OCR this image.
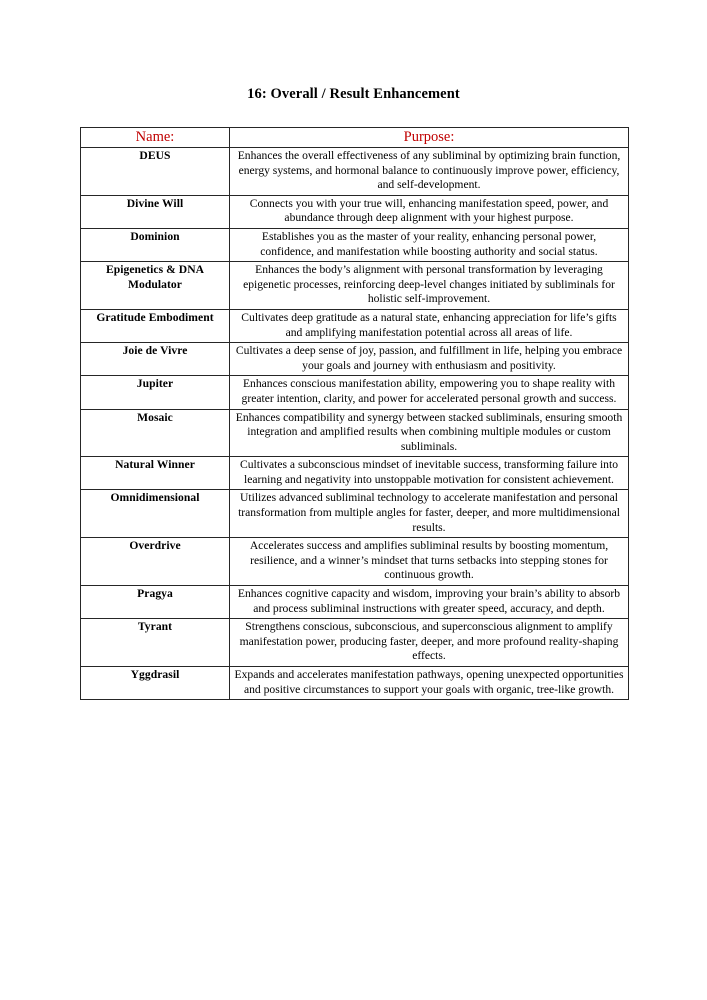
16: Overall / Result Enhancement
Name:	Purpose:
DEUS	Enhances the overall effectiveness of any subliminal by optimizing brain function, energy systems, and hormonal balance to continuously improve power, efficiency, and self-development.
Divine Will	Connects you with your true will, enhancing manifestation speed, power, and abundance through deep alignment with your highest purpose.
Dominion	Establishes you as the master of your reality, enhancing personal power, confidence, and manifestation while boosting authority and social status.
Epigenetics & DNA Modulator	Enhances the body’s alignment with personal transformation by leveraging epigenetic processes, reinforcing deep-level changes initiated by subliminals for holistic self-improvement.
Gratitude Embodiment	Cultivates deep gratitude as a natural state, enhancing appreciation for life’s gifts and amplifying manifestation potential across all areas of life.
Joie de Vivre	Cultivates a deep sense of joy, passion, and fulfillment in life, helping you embrace your goals and journey with enthusiasm and positivity.
Jupiter	Enhances conscious manifestation ability, empowering you to shape reality with greater intention, clarity, and power for accelerated personal growth and success.
Mosaic	Enhances compatibility and synergy between stacked subliminals, ensuring smooth integration and amplified results when combining multiple modules or custom subliminals.
Natural Winner	Cultivates a subconscious mindset of inevitable success, transforming failure into learning and negativity into unstoppable motivation for consistent achievement.
Omnidimensional	Utilizes advanced subliminal technology to accelerate manifestation and personal transformation from multiple angles for faster, deeper, and more multidimensional results.
Overdrive	Accelerates success and amplifies subliminal results by boosting momentum, resilience, and a winner’s mindset that turns setbacks into stepping stones for continuous growth.
Pragya	Enhances cognitive capacity and wisdom, improving your brain’s ability to absorb and process subliminal instructions with greater speed, accuracy, and depth.
Tyrant	Strengthens conscious, subconscious, and superconscious alignment to amplify manifestation power, producing faster, deeper, and more profound reality-shaping effects.
Yggdrasil	Expands and accelerates manifestation pathways, opening unexpected opportunities and positive circumstances to support your goals with organic, tree-like growth.
